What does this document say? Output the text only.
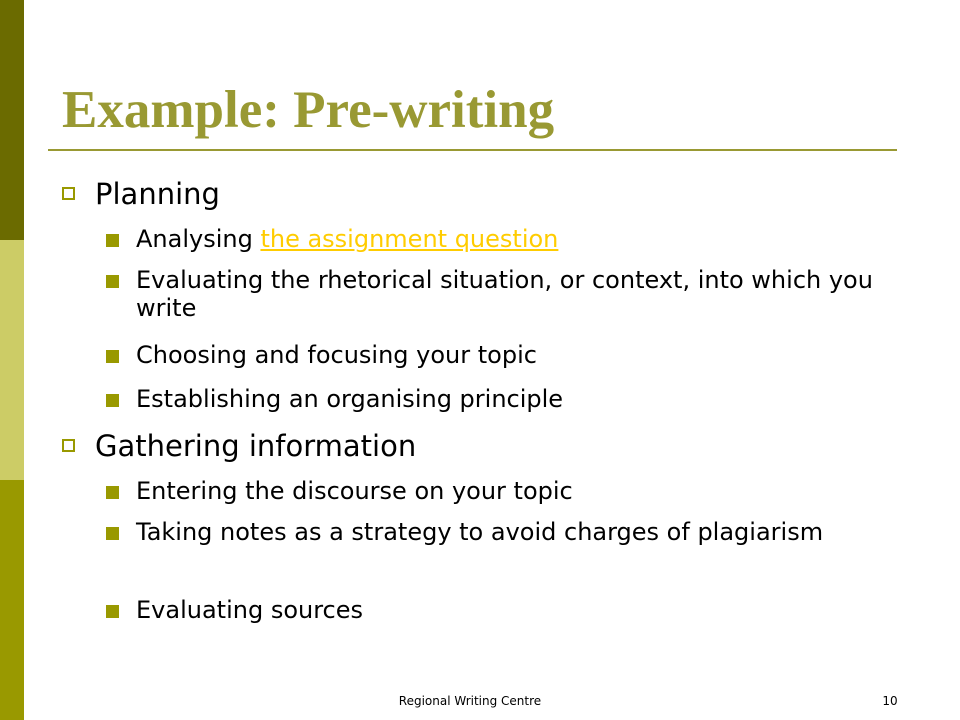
Example: Pre-writing
Planning
Analysing the assignment question
Evaluating the rhetorical situation, or context, into which you write
Choosing and focusing your topic
Establishing an organising principle
Gathering information
Entering the discourse on your topic
Taking notes as a strategy to avoid charges of plagiarism
Evaluating sources
Regional Writing Centre	10
